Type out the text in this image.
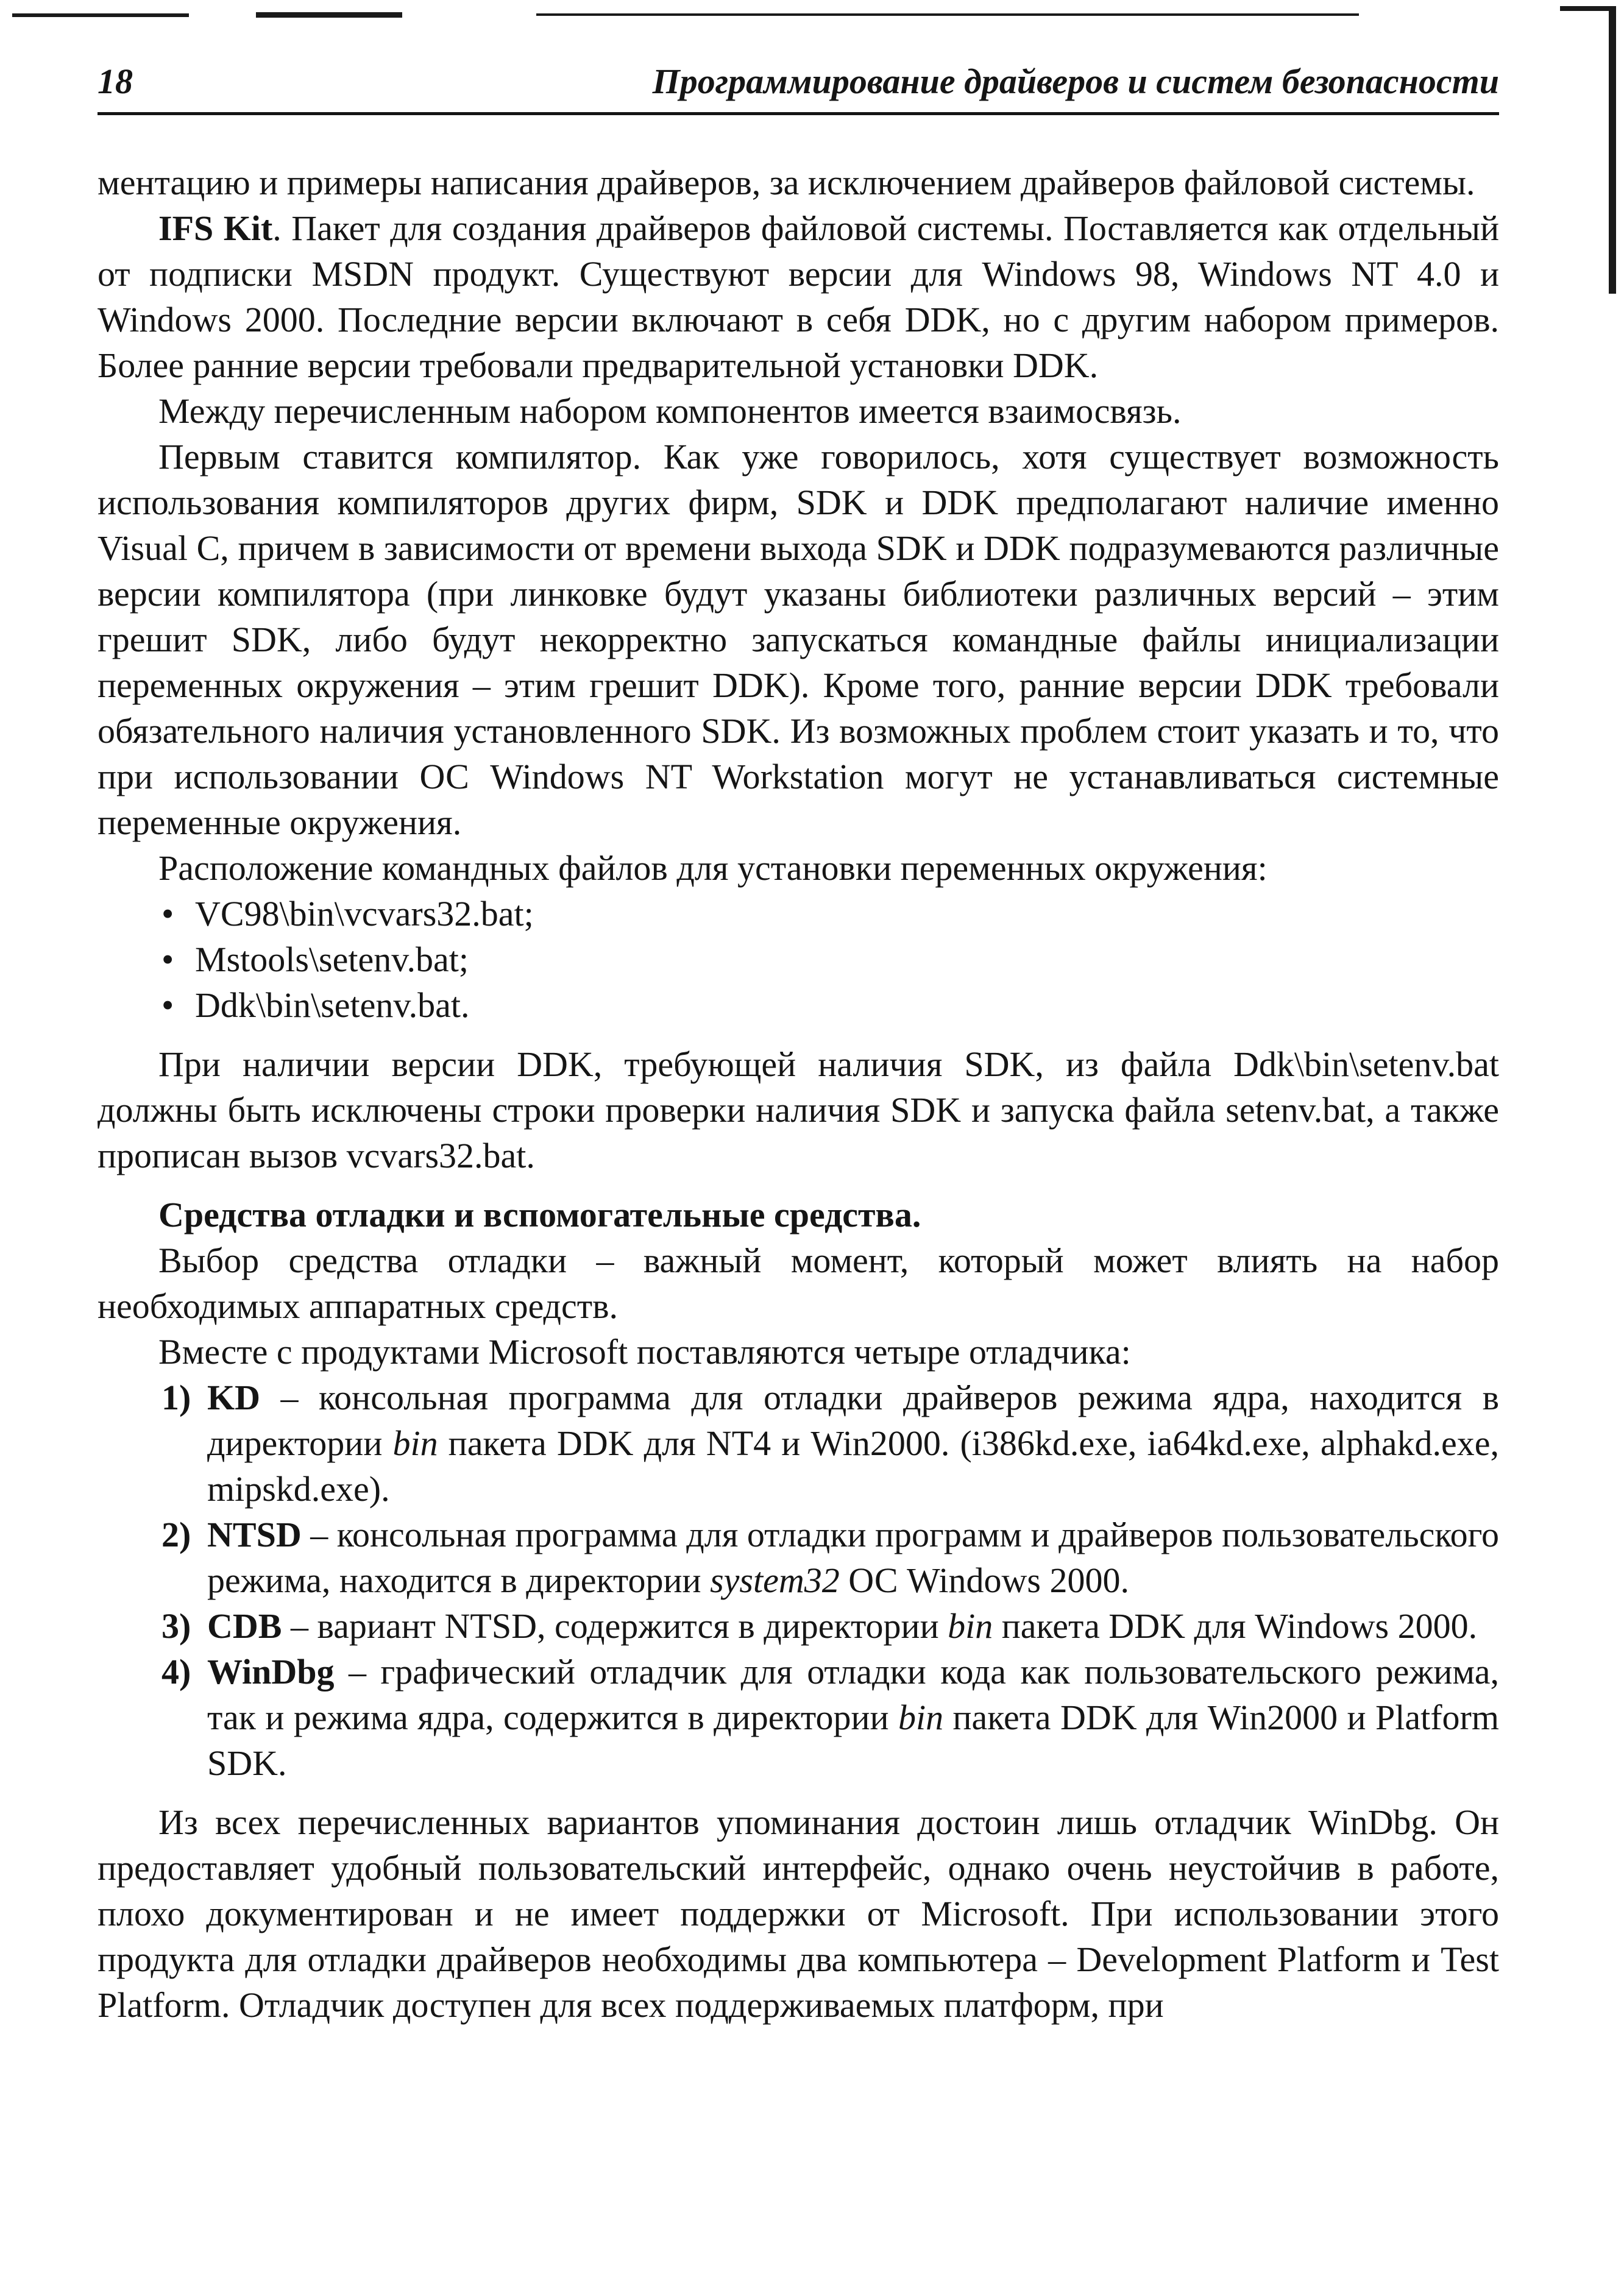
18	Программирование драйверов и систем безопасности

ментацию и примеры написания драйверов, за исключением драйверов файловой системы.

IFS Kit. Пакет для создания драйверов файловой системы. Поставляется как отдельный от подписки MSDN продукт. Существуют версии для Windows 98, Windows NT 4.0 и Windows 2000. Последние версии включают в себя DDK, но с другим набором примеров. Более ранние версии требовали предварительной установки DDK.

Между перечисленным набором компонентов имеется взаимосвязь.

Первым ставится компилятор. Как уже говорилось, хотя существует возможность использования компиляторов других фирм, SDK и DDK предполагают наличие именно Visual C, причем в зависимости от времени выхода SDK и DDK подразумеваются различные версии компилятора (при линковке будут указаны библиотеки различных версий – этим грешит SDK, либо будут некорректно запускаться командные файлы инициализации переменных окружения – этим грешит DDK). Кроме того, ранние версии DDK требовали обязательного наличия установленного SDK. Из возможных проблем стоит указать и то, что при использовании ОС Windows NT Workstation могут не устанавливаться системные переменные окружения.

Расположение командных файлов для установки переменных окружения:

• VC98\bin\vcvars32.bat;
• Mstools\setenv.bat;
• Ddk\bin\setenv.bat.

При наличии версии DDK, требующей наличия SDK, из файла Ddk\bin\setenv.bat должны быть исключены строки проверки наличия SDK и запуска файла setenv.bat, а также прописан вызов vcvars32.bat.

Средства отладки и вспомогательные средства.

Выбор средства отладки – важный момент, который может влиять на набор необходимых аппаратных средств.

Вместе с продуктами Microsoft поставляются четыре отладчика:

1) KD – консольная программа для отладки драйверов режима ядра, находится в директории bin пакета DDK для NT4 и Win2000. (i386kd.exe, ia64kd.exe, alphakd.exe, mipskd.exe).
2) NTSD – консольная программа для отладки программ и драйверов пользовательского режима, находится в директории system32 ОС Windows 2000.
3) CDB – вариант NTSD, содержится в директории bin пакета DDK для Windows 2000.
4) WinDbg – графический отладчик для отладки кода как пользовательского режима, так и режима ядра, содержится в директории bin пакета DDK для Win2000 и Platform SDK.

Из всех перечисленных вариантов упоминания достоин лишь отладчик WinDbg. Он предоставляет удобный пользовательский интерфейс, однако очень неустойчив в работе, плохо документирован и не имеет поддержки от Microsoft. При использовании этого продукта для отладки драйверов необходимы два компьютера – Development Platform и Test Platform. Отладчик доступен для всех поддерживаемых платформ, при
